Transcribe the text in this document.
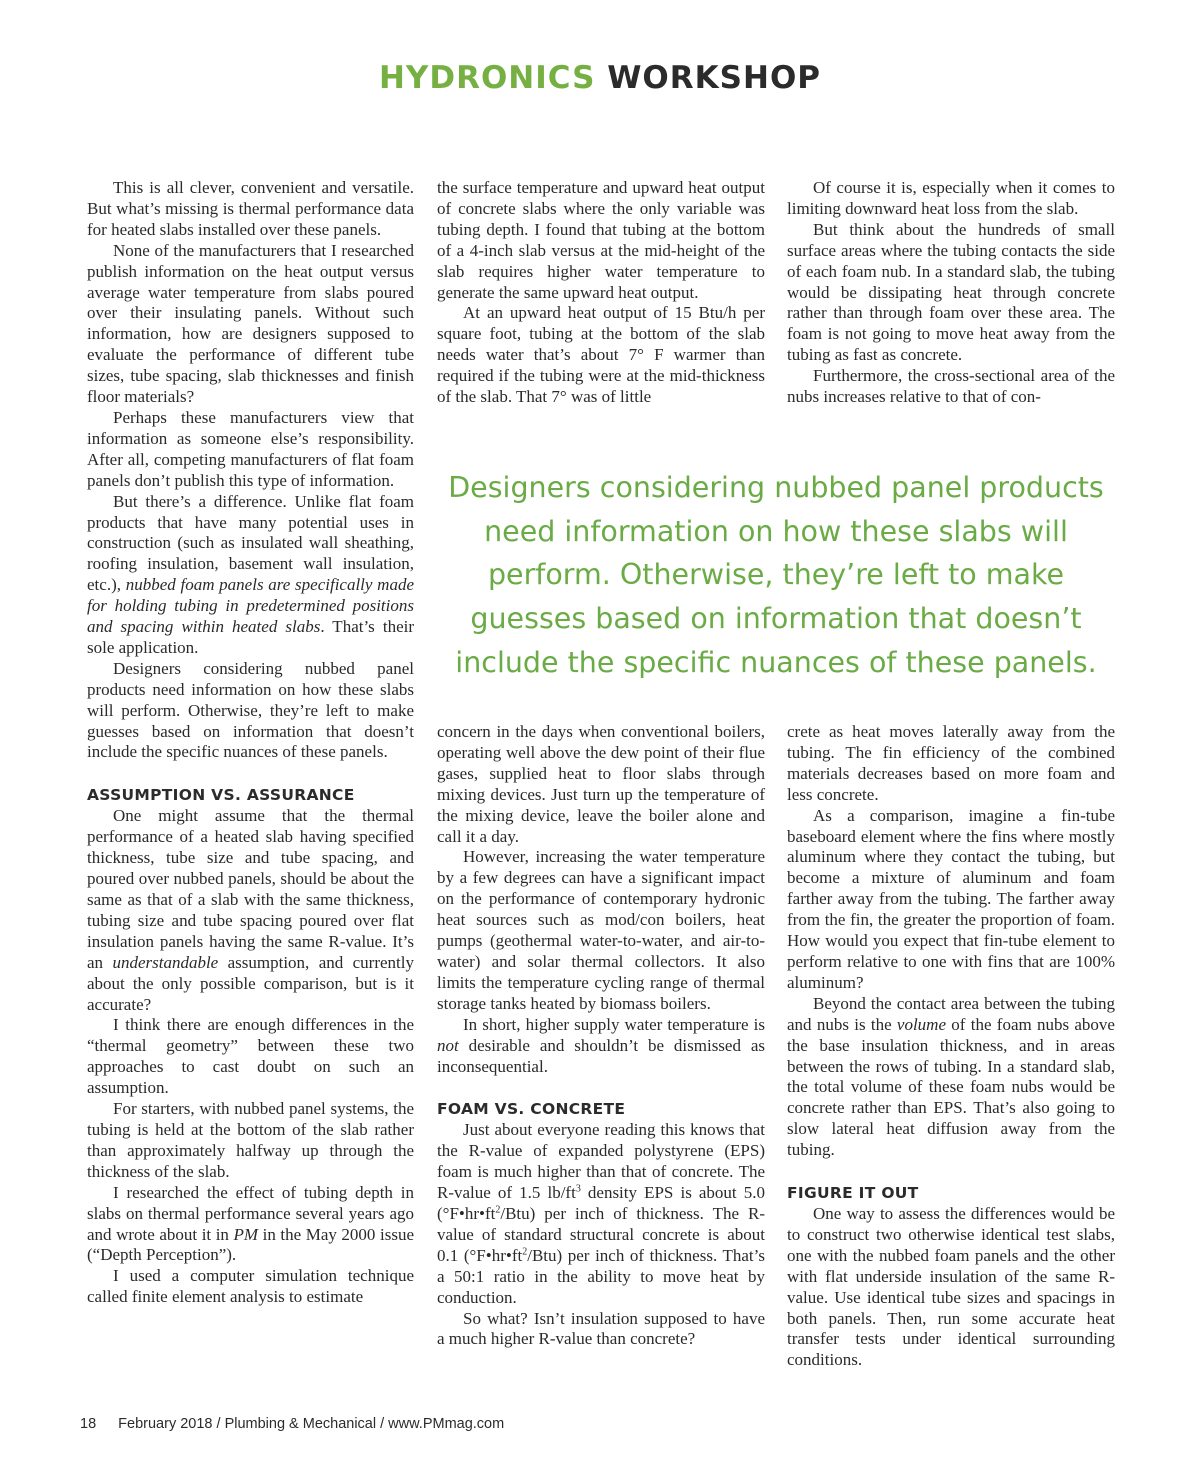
HYDRONICS WORKSHOP

This is all clever, convenient and versatile. But what’s missing is thermal performance data for heated slabs installed over these panels.

None of the manufacturers that I researched publish information on the heat output versus average water temperature from slabs poured over their insulating panels. Without such information, how are designers supposed to evaluate the performance of different tube sizes, tube spacing, slab thicknesses and finish floor materials?

Perhaps these manufacturers view that information as someone else’s responsibility. After all, competing manufacturers of flat foam panels don’t publish this type of information.

But there’s a difference. Unlike flat foam products that have many potential uses in construction (such as insulated wall sheathing, roofing insulation, basement wall insulation, etc.), nubbed foam panels are specifically made for holding tubing in predetermined positions and spacing within heated slabs. That’s their sole application.

Designers considering nubbed panel products need information on how these slabs will perform. Otherwise, they’re left to make guesses based on information that doesn’t include the specific nuances of these panels.

ASSUMPTION VS. ASSURANCE

One might assume that the thermal performance of a heated slab having specified thickness, tube size and tube spacing, and poured over nubbed panels, should be about the same as that of a slab with the same thickness, tubing size and tube spacing poured over flat insulation panels having the same R-value. It’s an understandable assumption, and currently about the only possible comparison, but is it accurate?

I think there are enough differences in the “thermal geometry” between these two approaches to cast doubt on such an assumption.

For starters, with nubbed panel systems, the tubing is held at the bottom of the slab rather than approximately halfway up through the thickness of the slab.

I researched the effect of tubing depth in slabs on thermal performance several years ago and wrote about it in PM in the May 2000 issue (“Depth Perception”).

I used a computer simulation technique called finite element analysis to estimate

the surface temperature and upward heat output of concrete slabs where the only variable was tubing depth. I found that tubing at the bottom of a 4-inch slab versus at the mid-height of the slab requires higher water temperature to generate the same upward heat output.

At an upward heat output of 15 Btu/h per square foot, tubing at the bottom of the slab needs water that’s about 7° F warmer than required if the tubing were at the mid-thickness of the slab. That 7° was of little

Of course it is, especially when it comes to limiting downward heat loss from the slab.

But think about the hundreds of small surface areas where the tubing contacts the side of each foam nub. In a standard slab, the tubing would be dissipating heat through concrete rather than through foam over these area. The foam is not going to move heat away from the tubing as fast as concrete.

Furthermore, the cross-sectional area of the nubs increases relative to that of con-

Designers considering nubbed panel products
need information on how these slabs will
perform. Otherwise, they’re left to make
guesses based on information that doesn’t
include the specific nuances of these panels.

concern in the days when conventional boilers, operating well above the dew point of their flue gases, supplied heat to floor slabs through mixing devices. Just turn up the temperature of the mixing device, leave the boiler alone and call it a day.

However, increasing the water temperature by a few degrees can have a significant impact on the performance of contemporary hydronic heat sources such as mod/con boilers, heat pumps (geothermal water-to-water, and air-to-water) and solar thermal collectors. It also limits the temperature cycling range of thermal storage tanks heated by biomass boilers.

In short, higher supply water temperature is not desirable and shouldn’t be dismissed as inconsequential.

FOAM VS. CONCRETE

Just about everyone reading this knows that the R-value of expanded polystyrene (EPS) foam is much higher than that of concrete. The R-value of 1.5 $lb/ft^3$ density EPS is about 5.0 $(^\circ F•hr•ft^2/Btu)$ per inch of thickness. The R-value of standard structural concrete is about 0.1 $(^\circ F•hr•ft^2/Btu)$ per inch of thickness. That’s a 50:1 ratio in the ability to move heat by conduction.

So what? Isn’t insulation supposed to have a much higher R-value than concrete?

crete as heat moves laterally away from the tubing. The fin efficiency of the combined materials decreases based on more foam and less concrete.

As a comparison, imagine a fin-tube baseboard element where the fins where mostly aluminum where they contact the tubing, but become a mixture of aluminum and foam farther away from the tubing. The farther away from the fin, the greater the proportion of foam. How would you expect that fin-tube element to perform relative to one with fins that are 100% aluminum?

Beyond the contact area between the tubing and nubs is the volume of the foam nubs above the base insulation thickness, and in areas between the rows of tubing. In a standard slab, the total volume of these foam nubs would be concrete rather than EPS. That’s also going to slow lateral heat diffusion away from the tubing.

FIGURE IT OUT

One way to assess the differences would be to construct two otherwise identical test slabs, one with the nubbed foam panels and the other with flat underside insulation of the same R-value. Use identical tube sizes and spacings in both panels. Then, run some accurate heat transfer tests under identical surrounding conditions.

18 February 2018 / Plumbing & Mechanical / www.PMmag.com
